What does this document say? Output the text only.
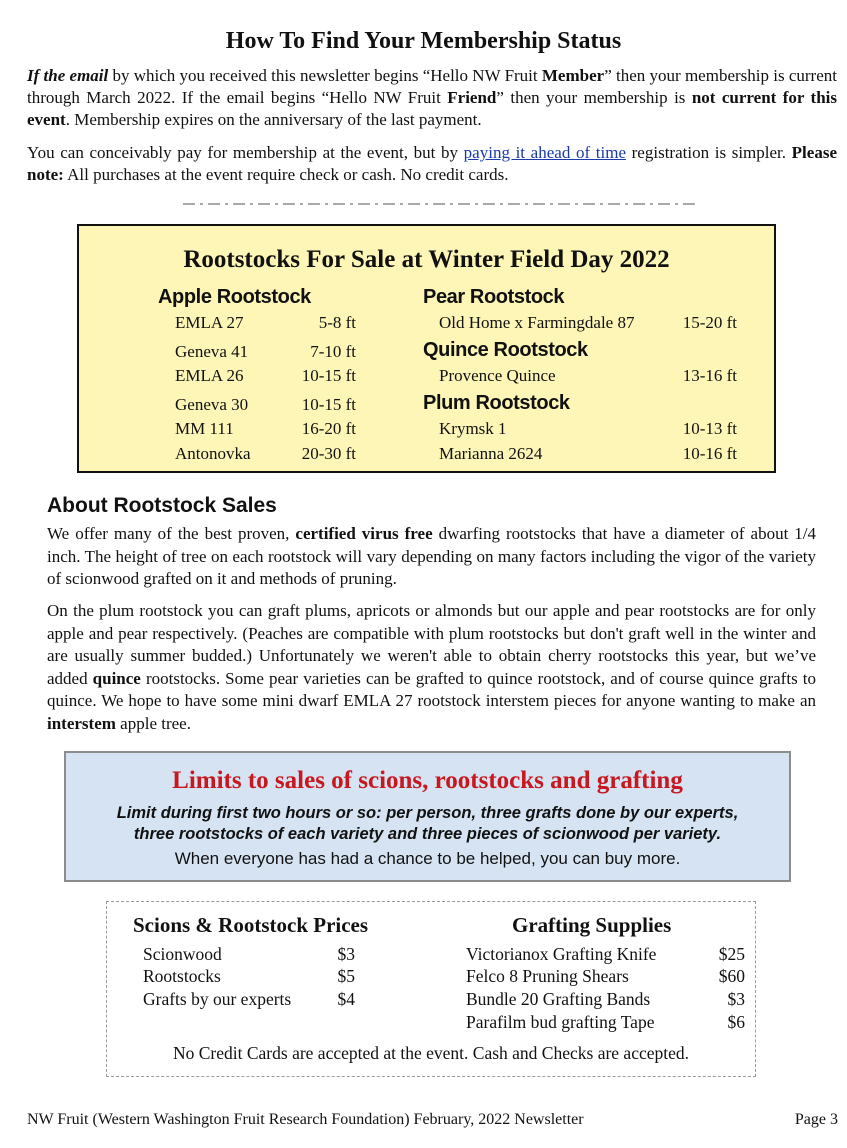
How To Find Your Membership Status
If the email by which you received this newsletter begins “Hello NW Fruit Member” then your membership is current through March 2022. If the email begins “Hello NW Fruit Friend” then your membership is not current for this event. Membership expires on the anniversary of the last payment.
You can conceivably pay for membership at the event, but by paying it ahead of time registration is simpler. Please note: All purchases at the event require check or cash. No credit cards.
Rootstocks For Sale at Winter Field Day 2022
Apple Rootstock
EMLA 27	5-8 ft
Geneva 41	7-10 ft
EMLA 26	10-15 ft
Geneva 30	10-15 ft
MM 111	16-20 ft
Antonovka	20-30 ft
Pear Rootstock
Old Home x Farmingdale 87	15-20 ft
Quince Rootstock
Provence Quince	13-16 ft
Plum Rootstock
Krymsk 1	10-13 ft
Marianna 2624	10-16 ft
About Rootstock Sales
We offer many of the best proven, certified virus free dwarfing rootstocks that have a diameter of about 1/4 inch. The height of tree on each rootstock will vary depending on many factors including the vigor of the variety of scionwood grafted on it and methods of pruning.
On the plum rootstock you can graft plums, apricots or almonds but our apple and pear rootstocks are for only apple and pear respectively. (Peaches are compatible with plum rootstocks but don't graft well in the winter and are usually summer budded.) Unfortunately we weren't able to obtain cherry rootstocks this year, but we’ve added quince rootstocks. Some pear varieties can be grafted to quince rootstock, and of course quince grafts to quince. We hope to have some mini dwarf EMLA 27 rootstock interstem pieces for anyone wanting to make an interstem apple tree.
Limits to sales of scions, rootstocks and grafting
Limit during first two hours or so: per person, three grafts done by our experts,
three rootstocks of each variety and three pieces of scionwood per variety.
When everyone has had a chance to be helped, you can buy more.
Scions & Rootstock Prices
Scionwood	$3
Rootstocks	$5
Grafts by our experts	$4
Grafting Supplies
Victorianox Grafting Knife	$25
Felco 8 Pruning Shears	$60
Bundle 20 Grafting Bands	$3
Parafilm bud grafting Tape	$6
No Credit Cards are accepted at the event. Cash and Checks are accepted.
NW Fruit (Western Washington Fruit Research Foundation) February, 2022 Newsletter	Page 3
